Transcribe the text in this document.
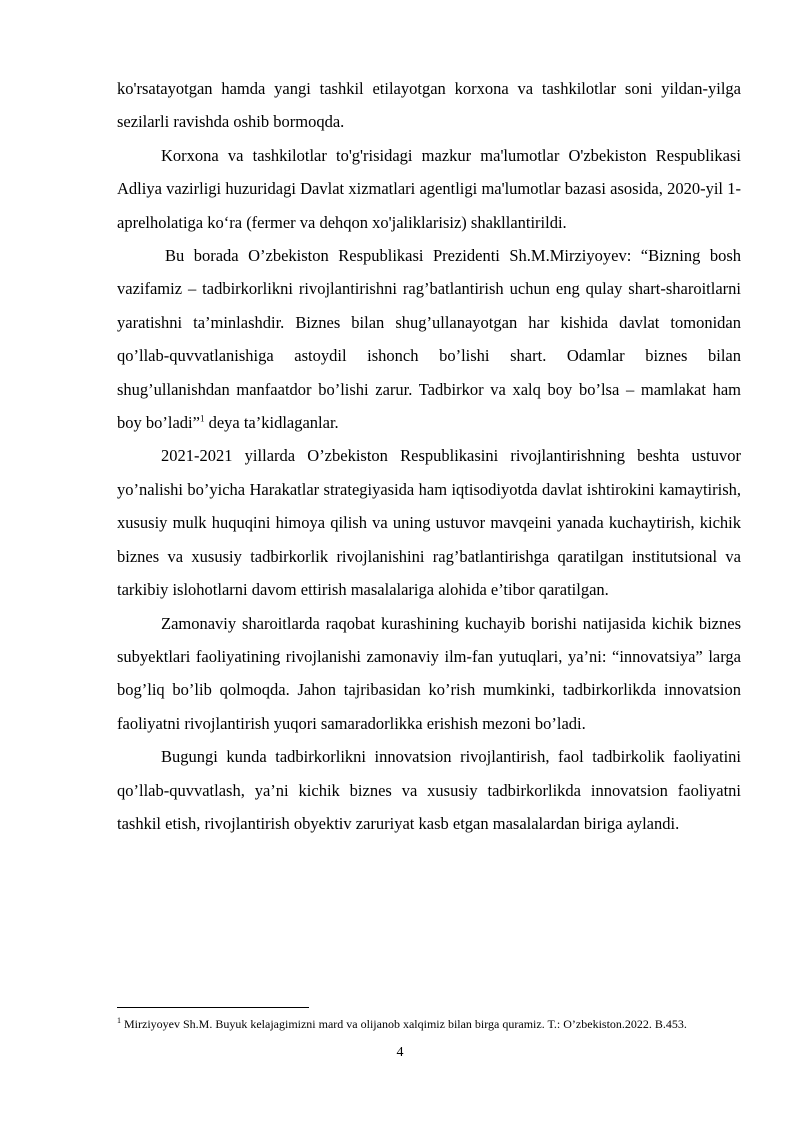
ko'rsatayotgan hamda yangi tashkil etilayotgan korxona va tashkilotlar soni yildan-yilga sezilarli ravishda oshib bormoqda.

Korxona va tashkilotlar to'g'risidagi mazkur ma'lumotlar O'zbekiston Respublikasi Adliya vazirligi huzuridagi Davlat xizmatlari agentligi ma'lumotlar bazasi asosida, 2020-yil 1-aprelholatiga ko‘ra (fermer va dehqon xo'jaliklarisiz) shakllantirildi.

Bu borada O’zbekiston Respublikasi Prezidenti Sh.M.Mirziyoyev: “Bizning bosh vazifamiz – tadbirkorlikni rivojlantirishni rag’batlantirish uchun eng qulay shart-sharoitlarni yaratishni ta’minlashdir. Biznes bilan shug’ullanayotgan har kishida davlat tomonidan qo’llab-quvvatlanishiga astoydil ishonch bo’lishi shart. Odamlar biznes bilan shug’ullanishdan manfaatdor bo’lishi zarur. Tadbirkor va xalq boy bo’lsa – mamlakat ham boy bo’ladi”$^1$ deya ta’kidlaganlar.

2021-2021 yillarda O’zbekiston Respublikasini rivojlantirishning beshta ustuvor yo’nalishi bo’yicha Harakatlar strategiyasida ham iqtisodiyotda davlat ishtirokini kamaytirish, xususiy mulk huquqini himoya qilish va uning ustuvor mavqeini yanada kuchaytirish, kichik biznes va xususiy tadbirkorlik rivojlanishini rag’batlantirishga qaratilgan institutsional va tarkibiy islohotlarni davom ettirish masalalariga alohida e’tibor qaratilgan.

Zamonaviy sharoitlarda raqobat kurashining kuchayib borishi natijasida kichik biznes subyektlari faoliyatining rivojlanishi zamonaviy ilm-fan yutuqlari, ya’ni: “innovatsiya” larga bog’liq bo’lib qolmoqda. Jahon tajribasidan ko’rish mumkinki, tadbirkorlikda innovatsion faoliyatni rivojlantirish yuqori samaradorlikka erishish mezoni bo’ladi.

Bugungi kunda tadbirkorlikni innovatsion rivojlantirish, faol tadbirkolik faoliyatini qo’llab-quvvatlash, ya’ni kichik biznes va xususiy tadbirkorlikda innovatsion faoliyatni tashkil etish, rivojlantirish obyektiv zaruriyat kasb etgan masalalardan biriga aylandi.

$^1$ Mirziyoyev Sh.M. Buyuk kelajagimizni mard va olijanob xalqimiz bilan birga quramiz. T.: O’zbekiston.2022. B.453.
4
